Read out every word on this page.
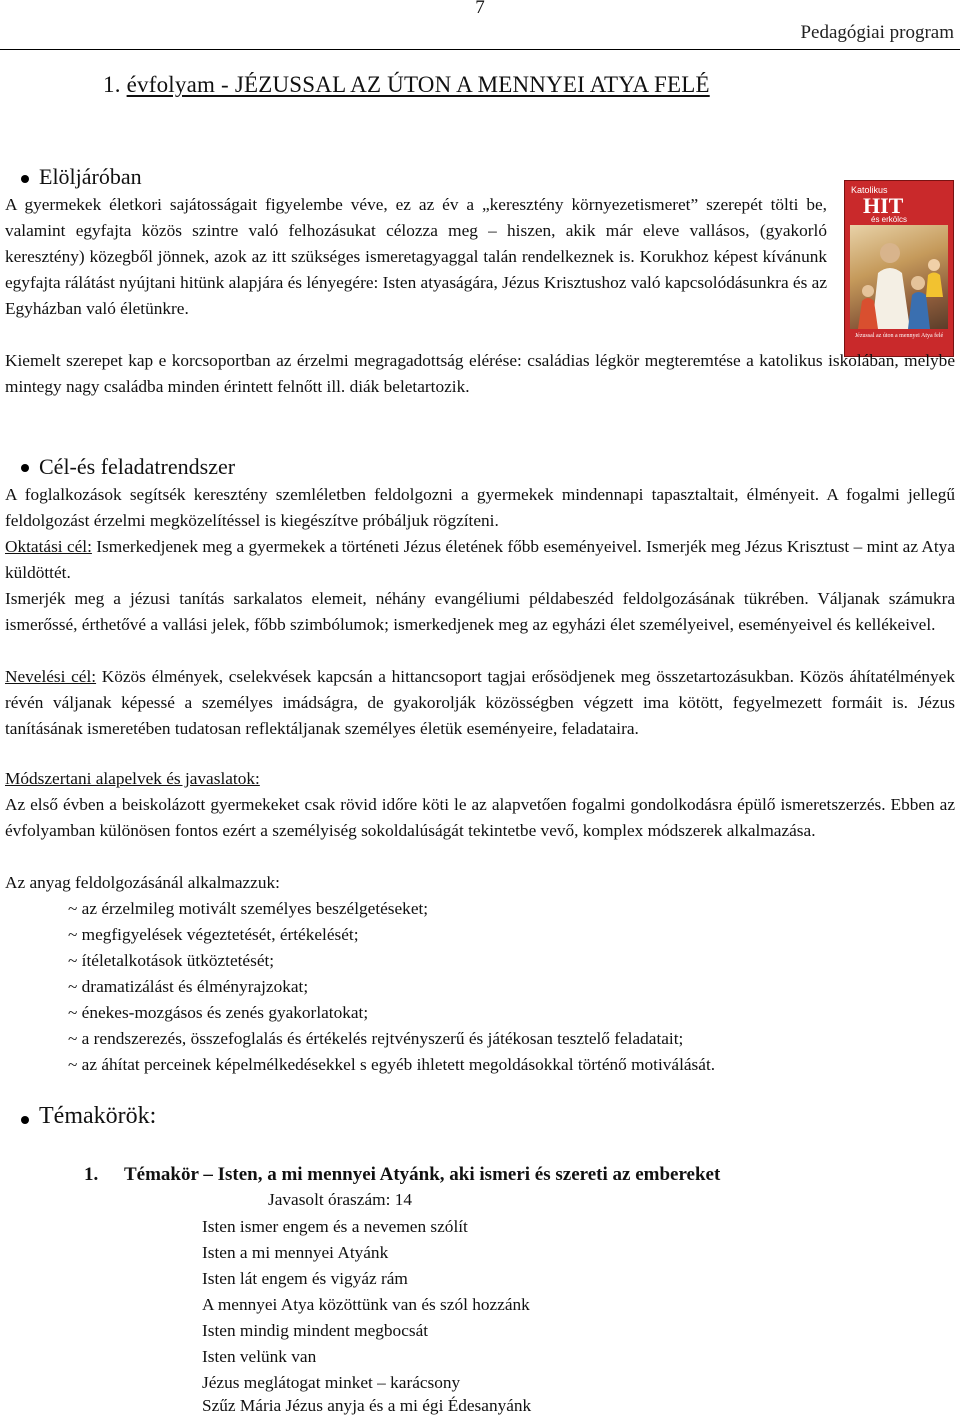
7
Pedagógiai program
1. évfolyam - JÉZUSSAL AZ ÚTON A MENNYEI ATYA FELÉ
Elöljáróban
Katolikus
HIT
és erkölcs
Jézussal az úton a mennyei Atya felé

A gyermekek életkori sajátosságait figyelembe véve, ez az év a „keresztény környezetismeret” szerepét tölti be, valamint egyfajta közös szintre való felhozásukat célozza meg – hiszen, akik már eleve vallásos, (gyakorló keresztény) közegből jönnek, azok az itt szükséges ismeretagyaggal talán rendelkeznek is. Korukhoz képest kívánunk egyfajta rálátást nyújtani hitünk alapjára és lényegére: Isten atyaságára, Jézus Krisztushoz való kapcsolódásunkra és az Egyházban való életünkre.

Kiemelt szerepet kap e korcsoportban az érzelmi megragadottság elérése: családias légkör megteremtése a katolikus iskolában, melybe mintegy nagy családba minden érintett felnőtt ill. diák beletartozik.

Cél-és feladatrendszer

A foglalkozások segítsék keresztény szemléletben feldolgozni a gyermekek mindennapi tapasztaltait, élményeit. A fogalmi jellegű feldolgozást érzelmi megközelítéssel is kiegészítve próbáljuk rögzíteni.

Oktatási cél: Ismerkedjenek meg a gyermekek a történeti Jézus életének főbb eseményeivel. Ismerjék meg Jézus Krisztust – mint az Atya küldöttét.

Ismerjék meg a jézusi tanítás sarkalatos elemeit, néhány evangéliumi példabeszéd feldolgozásának tükrében. Váljanak számukra ismerőssé, érthetővé a vallási jelek, főbb szimbólumok; ismerkedjenek meg az egyházi élet személyeivel, eseményeivel és kellékeivel.

Nevelési cél: Közös élmények, cselekvések kapcsán a hittancsoport tagjai erősödjenek meg összetartozásukban. Közös áhítatélmények révén váljanak képessé a személyes imádságra, de gyakorolják közösségben végzett ima kötött, fegyelmezett formáit is. Jézus tanításának ismeretében tudatosan reflektáljanak személyes életük eseményeire, feladataira.

Módszertani alapelvek és javaslatok:

Az első évben a beiskolázott gyermekeket csak rövid időre köti le az alapvetően fogalmi gondolkodásra épülő ismeretszerzés. Ebben az évfolyamban különösen fontos ezért a személyiség sokoldalúságát tekintetbe vevő, komplex módszerek alkalmazása.

Az anyag feldolgozásánál alkalmazzuk:

~ az érzelmileg motivált személyes beszélgetéseket;
~ megfigyelések végeztetését, értékelését;
~ ítéletalkotások ütköztetését;
~ dramatizálást és élményrajzokat;
~ énekes-mozgásos és zenés gyakorlatokat;
~ a rendszerezés, összefoglalás és értékelés rejtvényszerű és játékosan tesztelő feladatait;
~ az áhítat perceinek képelmélkedésekkel s egyéb ihletett megoldásokkal történő motiválását.
Témakörök:
1. Témakör – Isten, a mi mennyei Atyánk, aki ismeri és szereti az embereket
Javasolt óraszám: 14
Isten ismer engem és a nevemen szólít
Isten a mi mennyei Atyánk
Isten lát engem és vigyáz rám
A mennyei Atya közöttünk van és szól hozzánk
Isten mindig mindent megbocsát
Isten velünk van
Jézus meglátogat minket – karácsony
Szűz Mária Jézus anyja és a mi égi Édesanyánk
